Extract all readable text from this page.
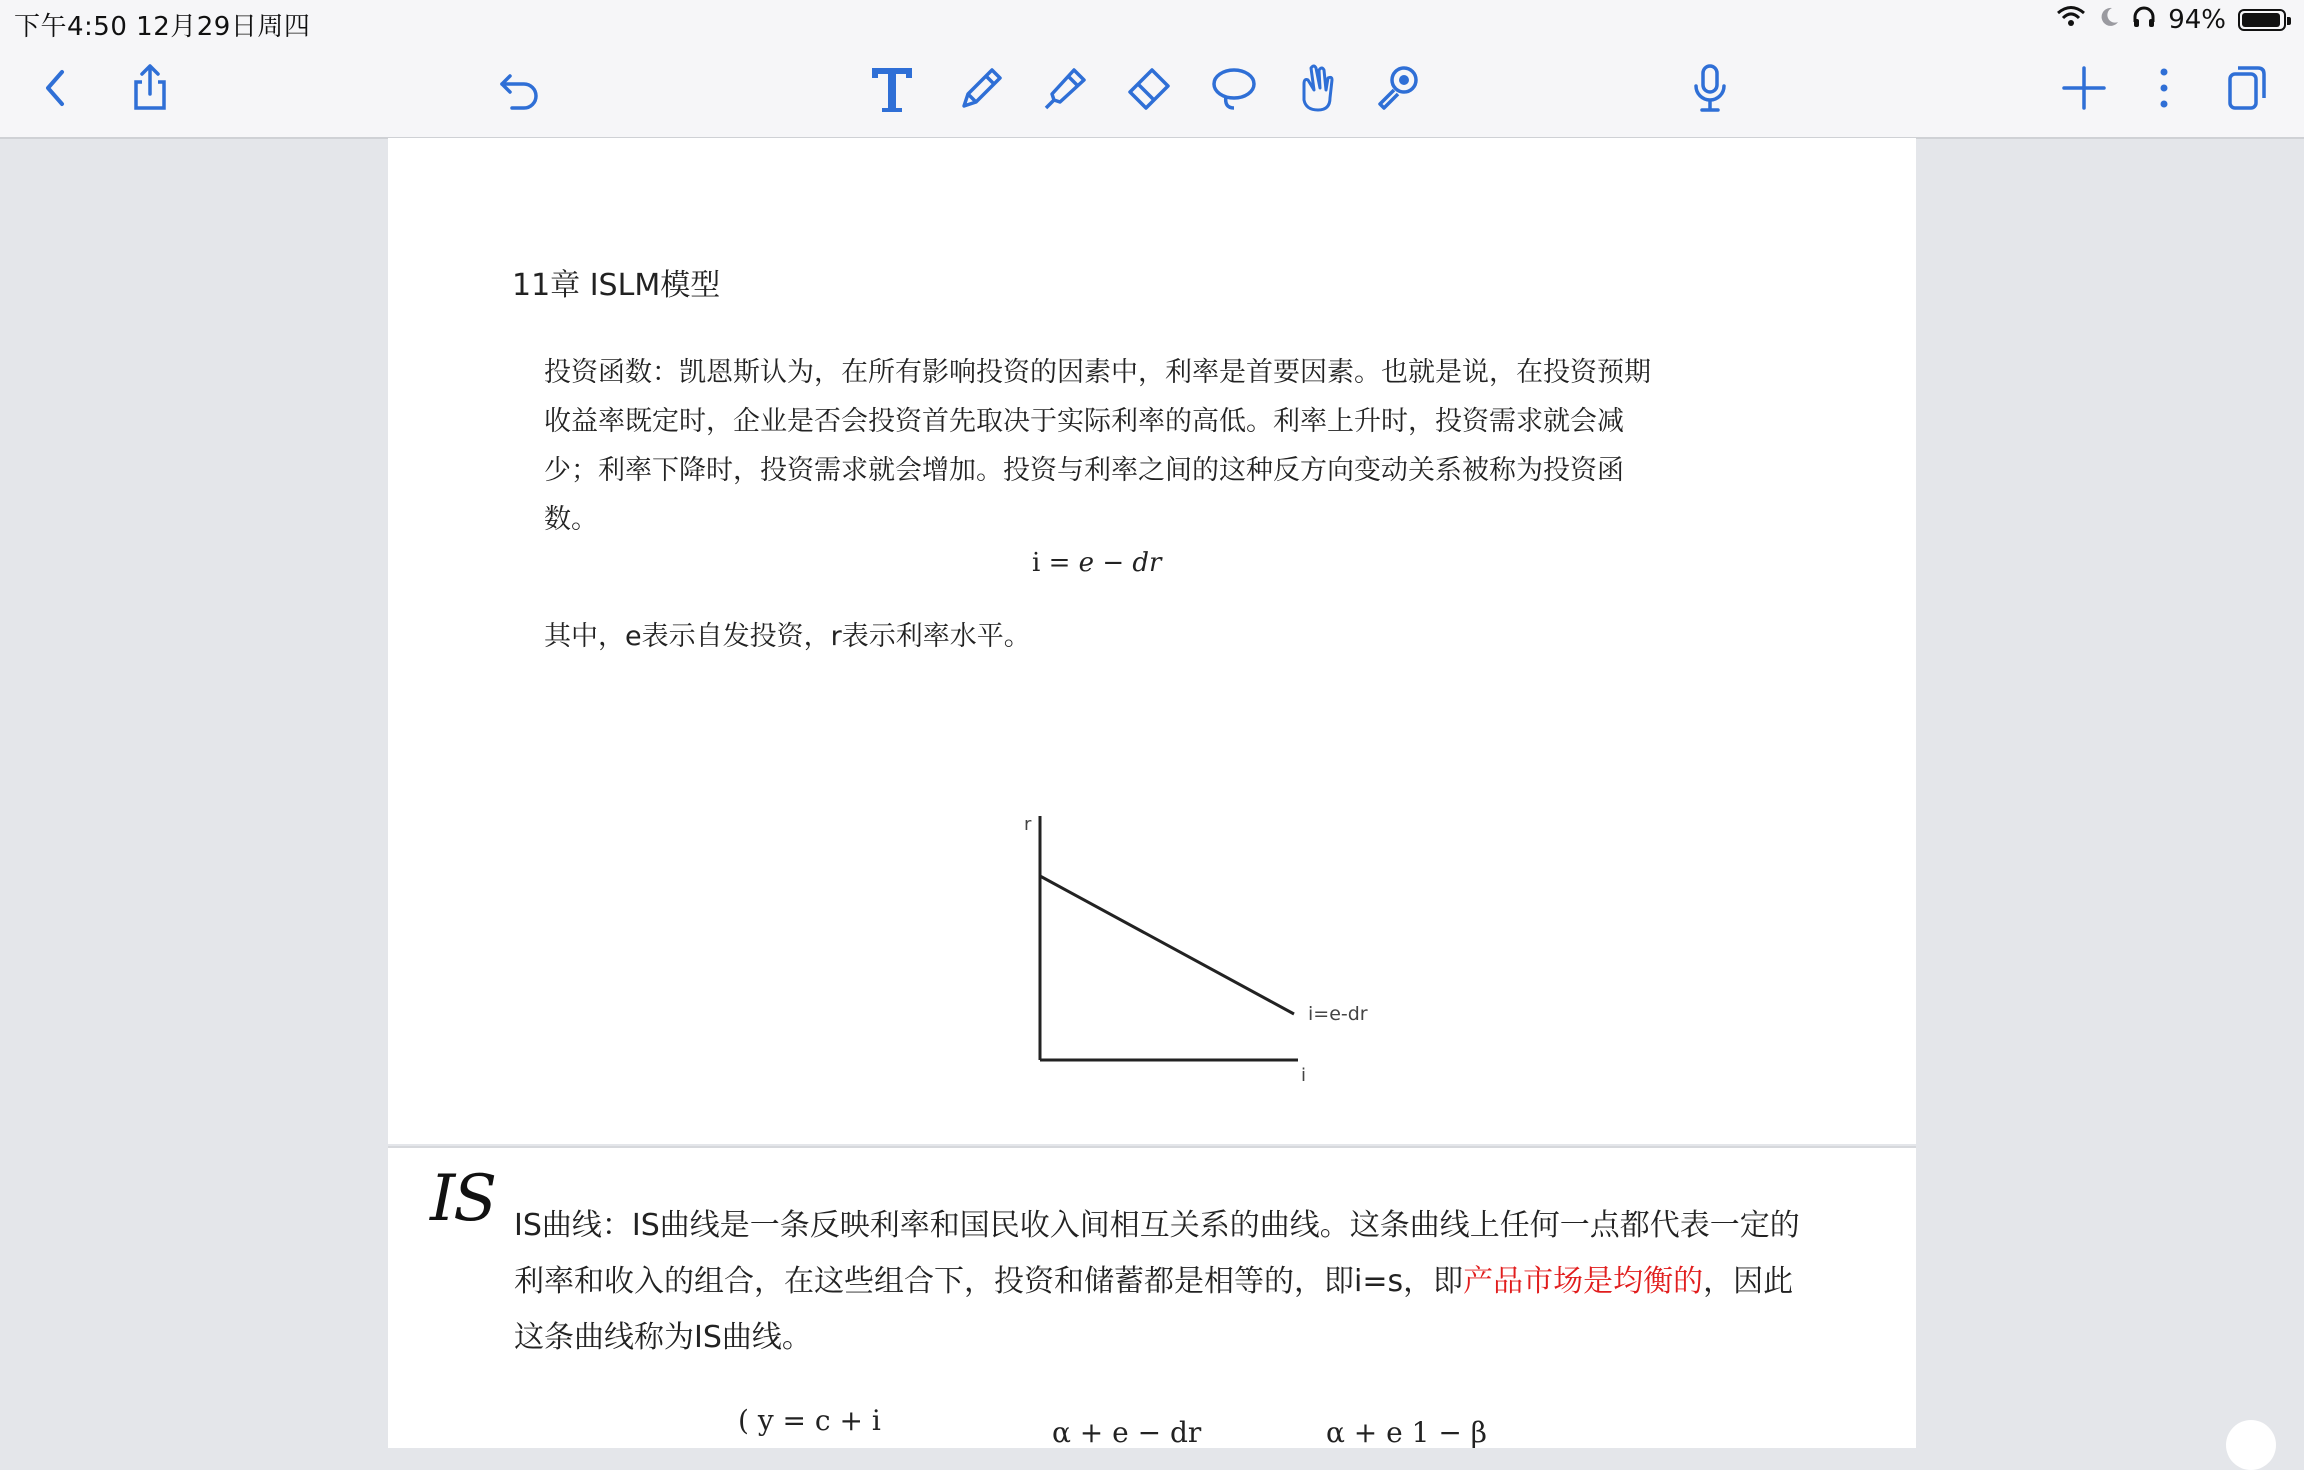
下午4:50 12月29日周四	94%
11章 ISLM模型

投资函数：凯恩斯认为，在所有影响投资的因素中，利率是首要因素。也就是说，在投资预期收益率既定时，企业是否会投资首先取决于实际利率的高低。利率上升时，投资需求就会减少；利率下降时，投资需求就会增加。投资与利率之间的这种反方向变动关系被称为投资函数。

i = e − dr
其中，e表示自发投资，r表示利率水平。
r
i
i=e-dr
IS IS曲线：IS曲线是一条反映利率和国民收入间相互关系的曲线。这条曲线上任何一点都代表一定的利率和收入的组合，在这些组合下，投资和储蓄都是相等的，即i=s，即产品市场是均衡的，因此这条曲线称为IS曲线。

( y = c + i	α + e − dr	α + e 1 − β
